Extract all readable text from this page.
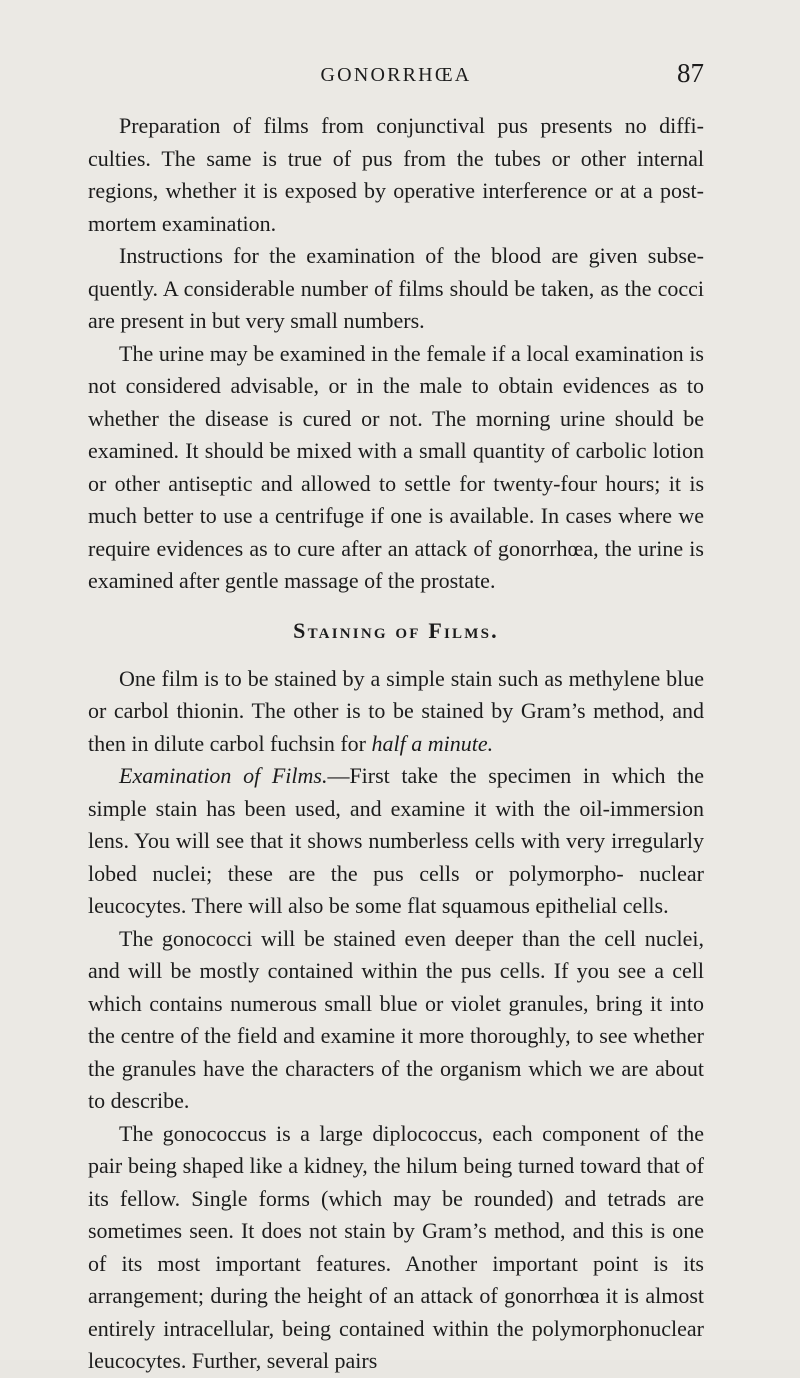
GONORRHŒA	87

Preparation of films from conjunctival pus presents no diffi- culties. The same is true of pus from the tubes or other internal regions, whether it is exposed by operative interference or at a post-mortem examination.

Instructions for the examination of the blood are given subse- quently. A considerable number of films should be taken, as the cocci are present in but very small numbers.

The urine may be examined in the female if a local examination is not considered advisable, or in the male to obtain evidences as to whether the disease is cured or not. The morning urine should be examined. It should be mixed with a small quantity of carbolic lotion or other antiseptic and allowed to settle for twenty-four hours; it is much better to use a centrifuge if one is available. In cases where we require evidences as to cure after an attack of gonorrhœa, the urine is examined after gentle massage of the prostate.

Staining of Films.

One film is to be stained by a simple stain such as methylene blue or carbol thionin. The other is to be stained by Gram’s method, and then in dilute carbol fuchsin for half a minute.

Examination of Films.—First take the specimen in which the simple stain has been used, and examine it with the oil-immersion lens. You will see that it shows numberless cells with very irregularly lobed nuclei; these are the pus cells or polymorpho- nuclear leucocytes. There will also be some flat squamous epithelial cells.

The gonococci will be stained even deeper than the cell nuclei, and will be mostly contained within the pus cells. If you see a cell which contains numerous small blue or violet granules, bring it into the centre of the field and examine it more thoroughly, to see whether the granules have the characters of the organism which we are about to describe.

The gonococcus is a large diplococcus, each component of the pair being shaped like a kidney, the hilum being turned toward that of its fellow. Single forms (which may be rounded) and tetrads are sometimes seen. It does not stain by Gram’s method, and this is one of its most important features. Another important point is its arrangement; during the height of an attack of gonorrhœa it is almost entirely intracellular, being contained within the polymorphonuclear leucocytes. Further, several pairs
